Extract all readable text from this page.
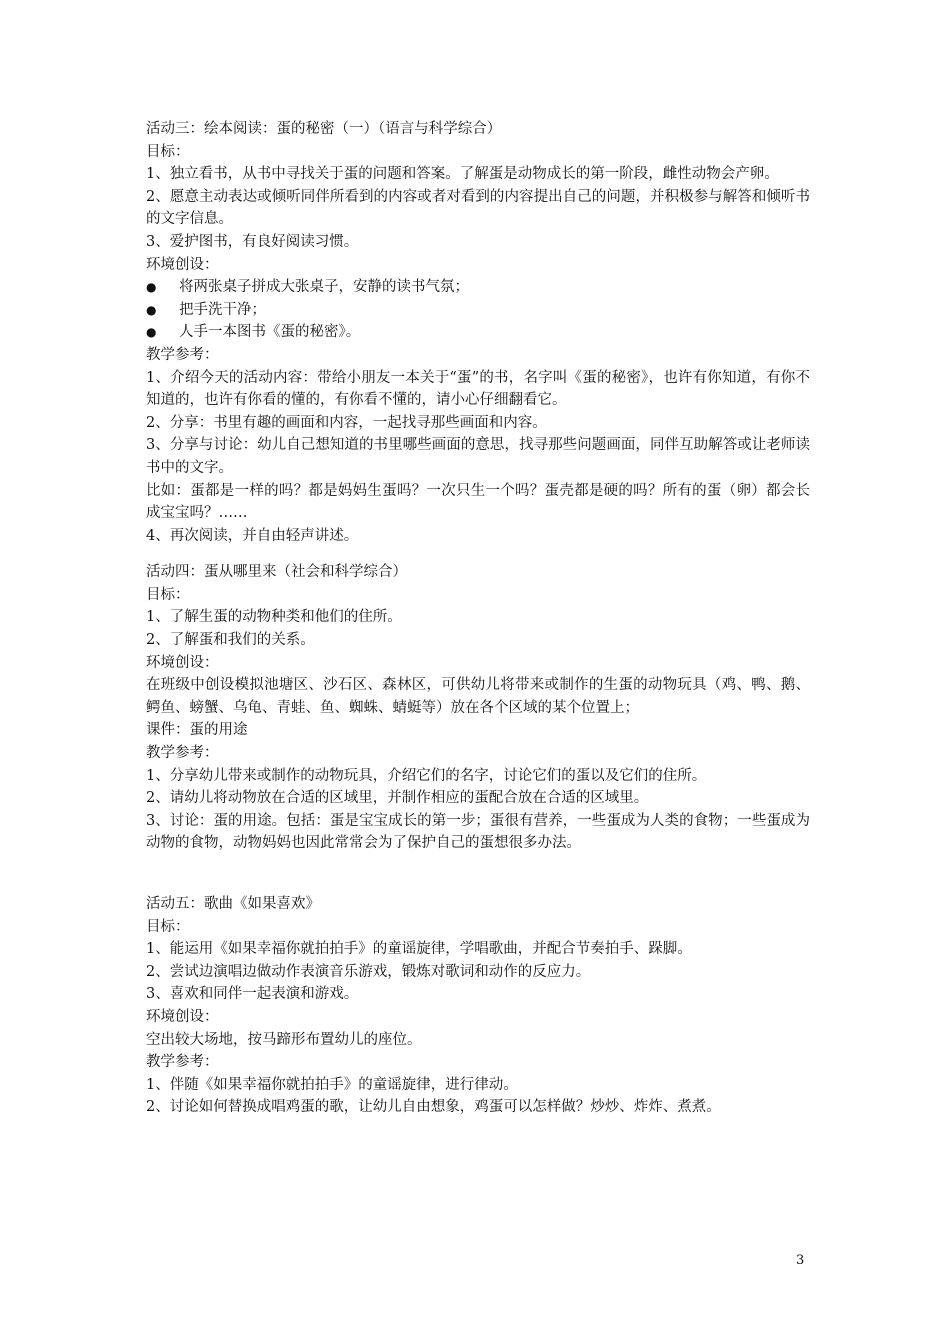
活动三：绘本阅读：蛋的秘密（一）（语言与科学综合）

目标：

1、独立看书，从书中寻找关于蛋的问题和答案。了解蛋是动物成长的第一阶段，雌性动物会产卵。

2、愿意主动表达或倾听同伴所看到的内容或者对看到的内容提出自己的问题，并积极参与解答和倾听书的文字信息。

3、爱护图书，有良好阅读习惯。

环境创设：

●	将两张桌子拼成大张桌子，安静的读书气氛；
●	把手洗干净；
●	人手一本图书《蛋的秘密》。

教学参考：

1、介绍今天的活动内容：带给小朋友一本关于“蛋”的书，名字叫《蛋的秘密》，也许有你知道，有你不知道的，也许有你看的懂的，有你看不懂的，请小心仔细翻看它。

2、分享：书里有趣的画面和内容，一起找寻那些画面和内容。

3、分享与讨论：幼儿自己想知道的书里哪些画面的意思，找寻那些问题画面，同伴互助解答或让老师读书中的文字。

比如：蛋都是一样的吗？都是妈妈生蛋吗？一次只生一个吗？蛋壳都是硬的吗？所有的蛋（卵）都会长成宝宝吗？……

4、再次阅读，并自由轻声讲述。

活动四：蛋从哪里来（社会和科学综合）

目标：

1、了解生蛋的动物种类和他们的住所。

2、了解蛋和我们的关系。

环境创设：

在班级中创设模拟池塘区、沙石区、森林区，可供幼儿将带来或制作的生蛋的动物玩具（鸡、鸭、鹅、鳄鱼、螃蟹、乌龟、青蛙、鱼、蜘蛛、蜻蜓等）放在各个区域的某个位置上；

课件：蛋的用途

教学参考：

1、分享幼儿带来或制作的动物玩具，介绍它们的名字，讨论它们的蛋以及它们的住所。

2、请幼儿将动物放在合适的区域里，并制作相应的蛋配合放在合适的区域里。

3、讨论：蛋的用途。包括：蛋是宝宝成长的第一步；蛋很有营养，一些蛋成为人类的食物；一些蛋成为动物的食物，动物妈妈也因此常常会为了保护自己的蛋想很多办法。

活动五：歌曲《如果喜欢》

目标：

1、能运用《如果幸福你就拍拍手》的童谣旋律，学唱歌曲，并配合节奏拍手、跺脚。

2、尝试边演唱边做动作表演音乐游戏，锻炼对歌词和动作的反应力。

3、喜欢和同伴一起表演和游戏。

环境创设：

空出较大场地，按马蹄形布置幼儿的座位。

教学参考：

1、伴随《如果幸福你就拍拍手》的童谣旋律，进行律动。

2、讨论如何替换成唱鸡蛋的歌，让幼儿自由想象，鸡蛋可以怎样做？炒炒、炸炸、煮煮。

3
